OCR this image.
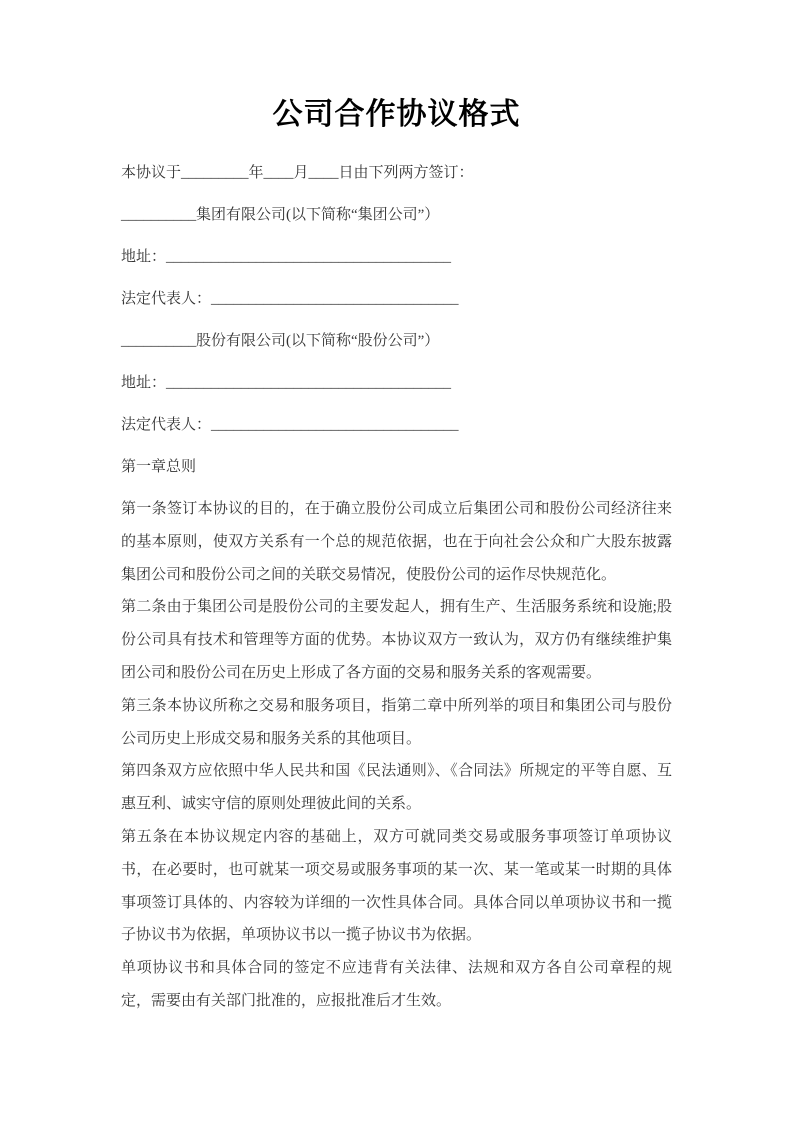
公司合作协议格式

本协议于_________年____月____日由下列两方签订：

__________集团有限公司(以下简称“集团公司”）

地址：______________________________________

法定代表人：_________________________________

__________股份有限公司(以下简称“股份公司”）

地址：______________________________________

法定代表人：_________________________________

第一章总则

第一条签订本协议的目的，在于确立股份公司成立后集团公司和股份公司经济往来的基本原则，使双方关系有一个总的规范依据，也在于向社会公众和广大股东披露集团公司和股份公司之间的关联交易情况，使股份公司的运作尽快规范化。

第二条由于集团公司是股份公司的主要发起人，拥有生产、生活服务系统和设施;股份公司具有技术和管理等方面的优势。本协议双方一致认为，双方仍有继续维护集团公司和股份公司在历史上形成了各方面的交易和服务关系的客观需要。

第三条本协议所称之交易和服务项目，指第二章中所列举的项目和集团公司与股份公司历史上形成交易和服务关系的其他项目。

第四条双方应依照中华人民共和国《民法通则》、《合同法》所规定的平等自愿、互惠互利、诚实守信的原则处理彼此间的关系。

第五条在本协议规定内容的基础上，双方可就同类交易或服务事项签订单项协议书，在必要时，也可就某一项交易或服务事项的某一次、某一笔或某一时期的具体事项签订具体的、内容较为详细的一次性具体合同。具体合同以单项协议书和一揽子协议书为依据，单项协议书以一揽子协议书为依据。

单项协议书和具体合同的签定不应违背有关法律、法规和双方各自公司章程的规定，需要由有关部门批准的，应报批准后才生效。
